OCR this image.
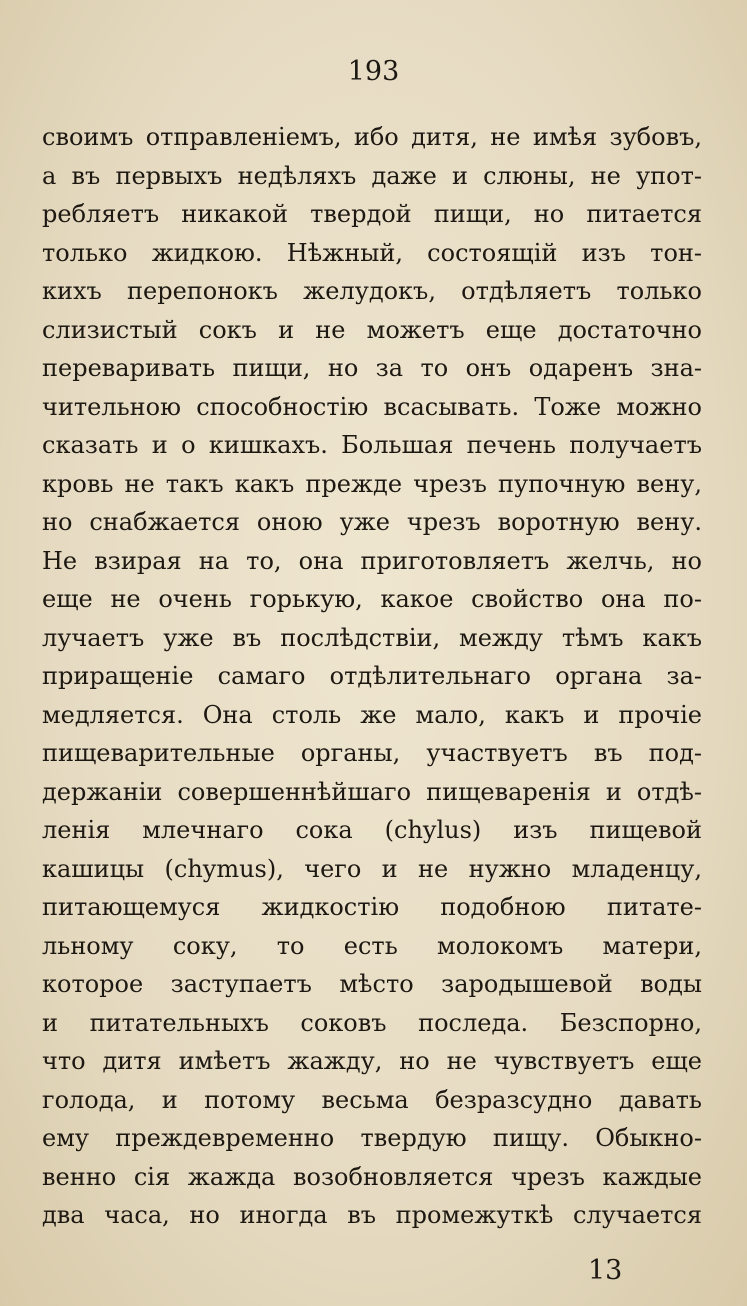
193
своимъ отправленіемъ, ибо дитя, не имѣя зубовъ,
а въ первыхъ недѣляхъ даже и слюны, не упот-
ребляетъ никакой твердой пищи, но питается
только жидкою. Нѣжный, состоящій изъ тон-
кихъ перепонокъ желудокъ, отдѣляетъ только
слизистый сокъ и не можетъ еще достаточно
переваривать пищи, но за то онъ одаренъ зна-
чительною способностію всасывать. Тоже можно
сказать и о кишкахъ. Большая печень получаетъ
кровь не такъ какъ прежде чрезъ пупочную вену,
но снабжается оною уже чрезъ воротную вену.
Не взирая на то, она приготовляетъ желчь, но
еще не очень горькую, какое свойство она по-
лучаетъ уже въ послѣдствіи, между тѣмъ какъ
приращеніе самаго отдѣлительнаго органа за-
медляется. Она столь же мало, какъ и прочіе
пищеварительные органы, участвуетъ въ под-
держаніи совершеннѣйшаго пищеваренія и отдѣ-
ленія млечнаго сока (chylus) изъ пищевой
кашицы (chymus), чего и не нужно младенцу,
питающемуся жидкостію подобною питате-
льному соку, то есть молокомъ матери,
которое заступаетъ мѣсто зародышевой воды
и питательныхъ соковъ последа. Безспорно,
что дитя имѣетъ жажду, но не чувствуетъ еще
голода, и потому весьма безразсудно давать
ему преждевременно твердую пищу. Обыкно-
венно сія жажда возобновляется чрезъ каждые
два часа, но иногда въ промежуткѣ случается
13
